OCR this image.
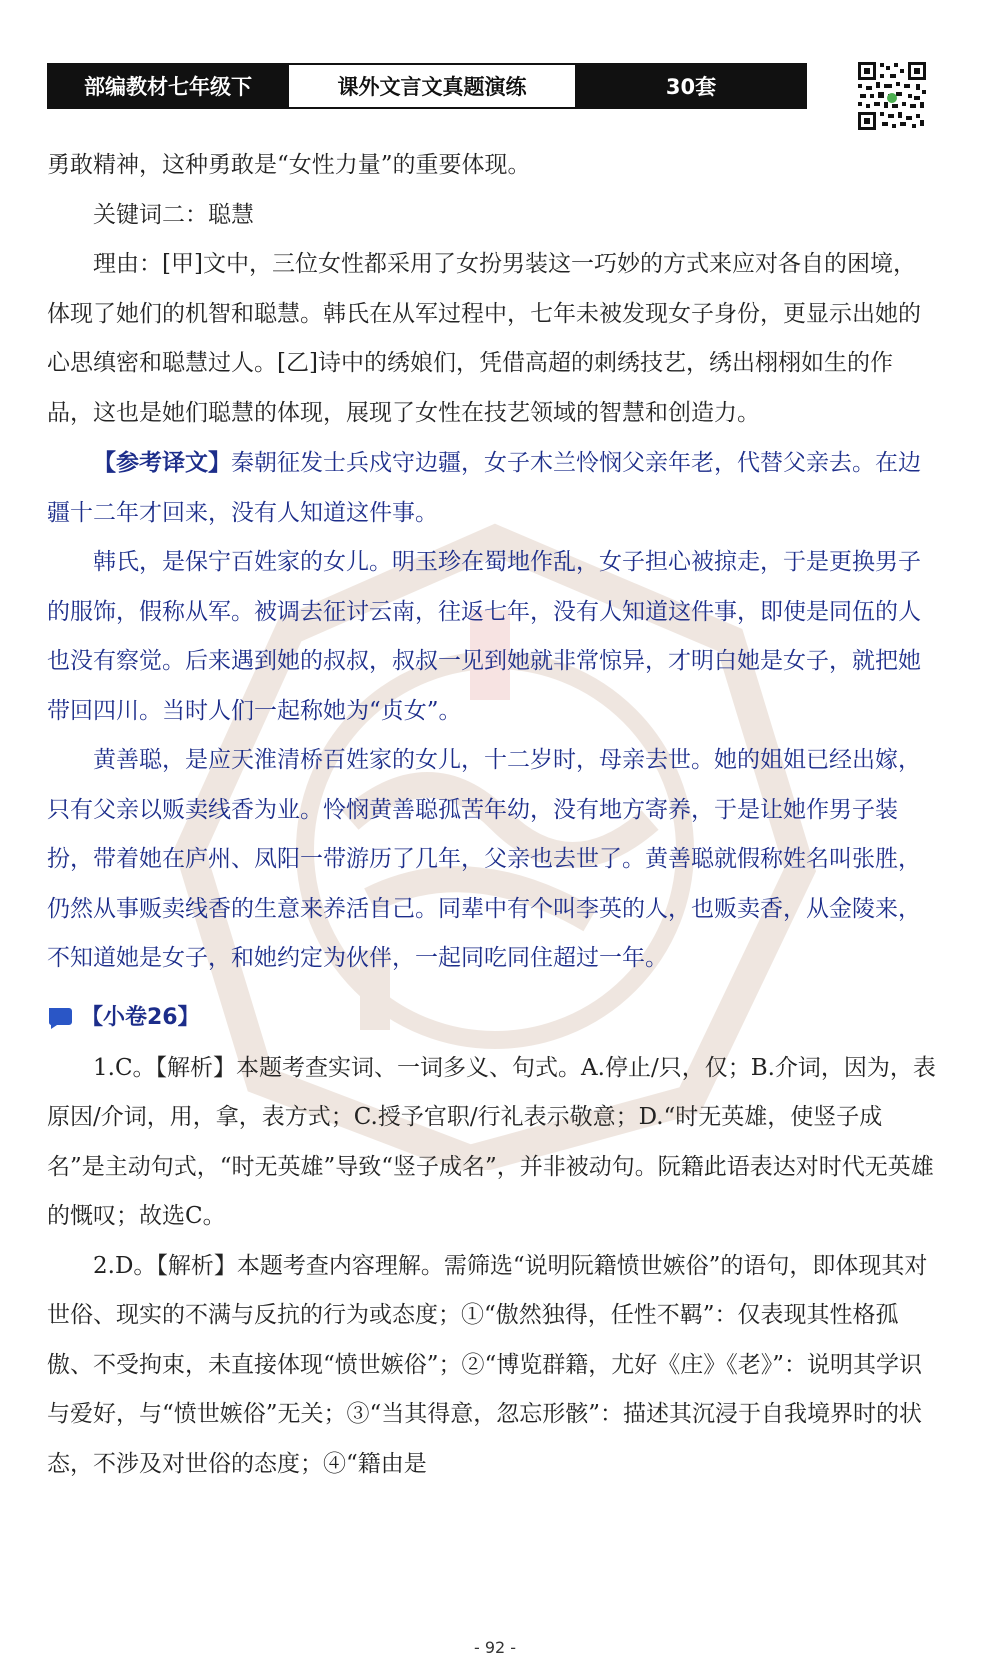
部编教材七年级下	课外文言文真题演练	30套

勇敢精神，这种勇敢是“女性力量”的重要体现。

关键词二：聪慧

理由：[甲]文中，三位女性都采用了女扮男装这一巧妙的方式来应对各自的困境，体现了她们的机智和聪慧。韩氏在从军过程中，七年未被发现女子身份，更显示出她的心思缜密和聪慧过人。[乙]诗中的绣娘们，凭借高超的刺绣技艺，绣出栩栩如生的作品，这也是她们聪慧的体现，展现了女性在技艺领域的智慧和创造力。

【参考译文】秦朝征发士兵戍守边疆，女子木兰怜悯父亲年老，代替父亲去。在边疆十二年才回来，没有人知道这件事。

韩氏，是保宁百姓家的女儿。明玉珍在蜀地作乱，女子担心被掠走，于是更换男子的服饰，假称从军。被调去征讨云南，往返七年，没有人知道这件事，即使是同伍的人也没有察觉。后来遇到她的叔叔，叔叔一见到她就非常惊异，才明白她是女子，就把她带回四川。当时人们一起称她为“贞女”。

黄善聪，是应天淮清桥百姓家的女儿，十二岁时，母亲去世。她的姐姐已经出嫁，只有父亲以贩卖线香为业。怜悯黄善聪孤苦年幼，没有地方寄养，于是让她作男子装扮，带着她在庐州、凤阳一带游历了几年，父亲也去世了。黄善聪就假称姓名叫张胜，仍然从事贩卖线香的生意来养活自己。同辈中有个叫李英的人，也贩卖香，从金陵来，不知道她是女子，和她约定为伙伴，一起同吃同住超过一年。

【小卷26】

1.C。【解析】本题考查实词、一词多义、句式。A.停止/只，仅；B.介词，因为，表原因/介词，用，拿，表方式；C.授予官职/行礼表示敬意；D.“时无英雄，使竖子成名”是主动句式，“时无英雄”导致“竖子成名”，并非被动句。阮籍此语表达对时代无英雄的慨叹；故选C。

2.D。【解析】本题考查内容理解。需筛选“说明阮籍愤世嫉俗”的语句，即体现其对世俗、现实的不满与反抗的行为或态度；①“傲然独得，任性不羁”：仅表现其性格孤傲、不受拘束，未直接体现“愤世嫉俗”；②“博览群籍，尤好《庄》《老》”：说明其学识与爱好，与“愤世嫉俗”无关；③“当其得意，忽忘形骸”：描述其沉浸于自我境界时的状态，不涉及对世俗的态度；④“籍由是

- 92 -
